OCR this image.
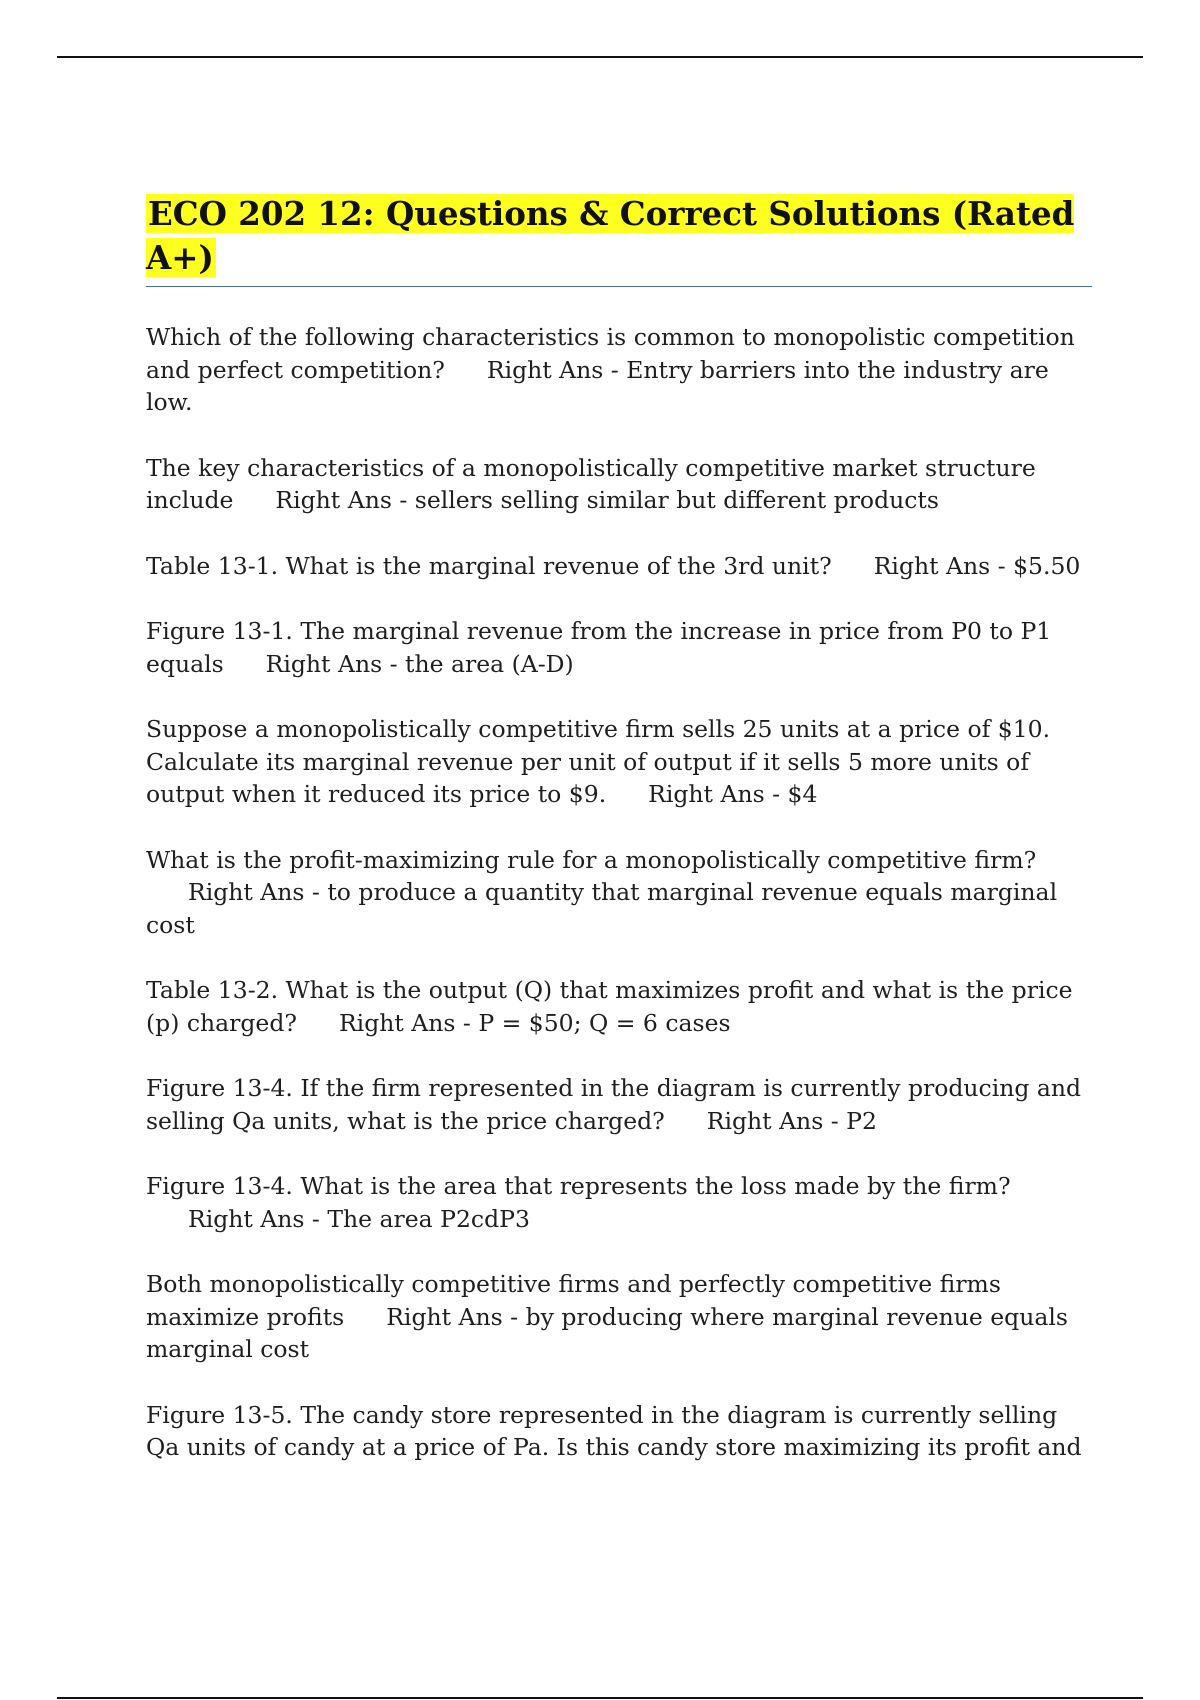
ECO 202 12: Questions & Correct Solutions (Rated A+)

Which of the following characteristics is common to monopolistic competition and perfect competition? Right Ans - Entry barriers into the industry are low.

The key characteristics of a monopolistically competitive market structure include Right Ans - sellers selling similar but different products

Table 13-1. What is the marginal revenue of the 3rd unit? Right Ans - $5.50

Figure 13-1. The marginal revenue from the increase in price from P0 to P1 equals Right Ans - the area (A-D)

Suppose a monopolistically competitive firm sells 25 units at a price of $10. Calculate its marginal revenue per unit of output if it sells 5 more units of output when it reduced its price to $9. Right Ans - $4

What is the profit-maximizing rule for a monopolistically competitive firm?Right Ans - to produce a quantity that marginal revenue equals marginal cost

Table 13-2. What is the output (Q) that maximizes profit and what is the price (p) charged? Right Ans - P = $50; Q = 6 cases

Figure 13-4. If the firm represented in the diagram is currently producing and selling Qa units, what is the price charged? Right Ans - P2

Figure 13-4. What is the area that represents the loss made by the firm?Right Ans - The area P2cdP3

Both monopolistically competitive firms and perfectly competitive firms maximize profits Right Ans - by producing where marginal revenue equals marginal cost

Figure 13-5. The candy store represented in the diagram is currently selling Qa units of candy at a price of Pa. Is this candy store maximizing its profit and
